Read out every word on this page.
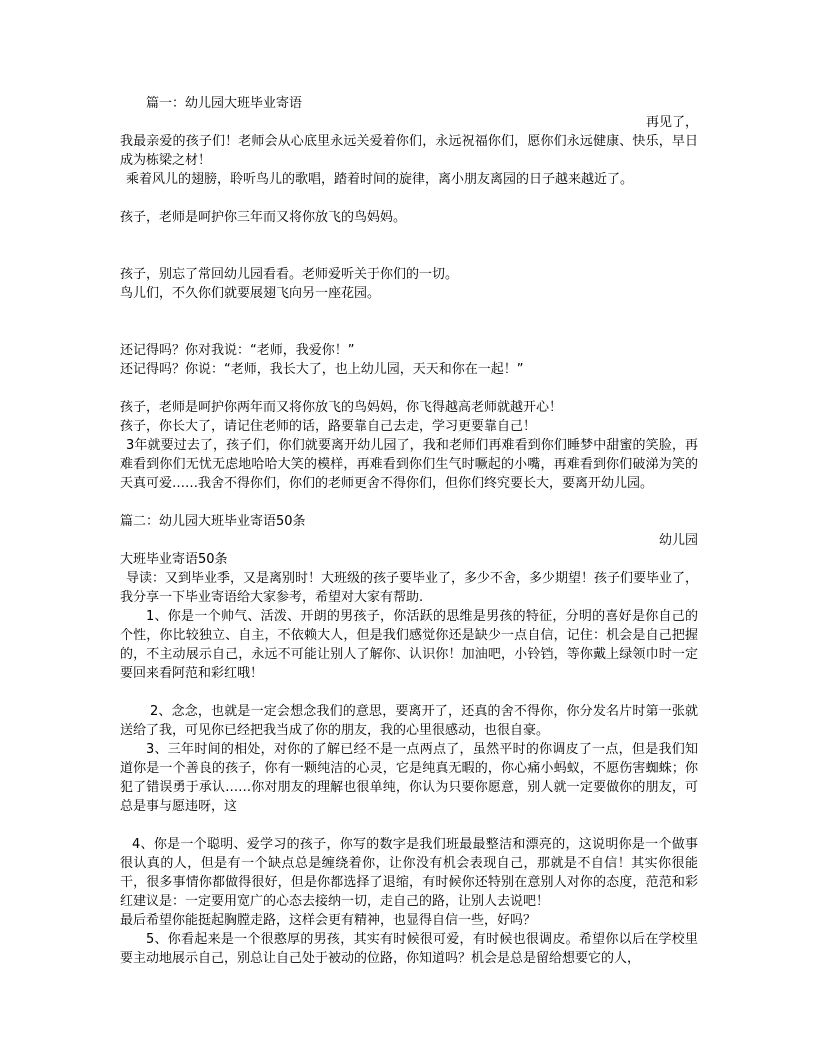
篇一：幼儿园大班毕业寄语
再见了，
我最亲爱的孩子们！老师会从心底里永远关爱着你们，永远祝福你们，愿你们永远健康、快乐，早日成为栋梁之材！
乘着风儿的翅膀，聆听鸟儿的歌唱，踏着时间的旋律，离小朋友离园的日子越来越近了。
孩子，老师是呵护你三年而又将你放飞的鸟妈妈。
孩子，别忘了常回幼儿园看看。老师爱听关于你们的一切。
鸟儿们，不久你们就要展翅飞向另一座花园。
还记得吗？你对我说：“老师，我爱你！”
还记得吗？你说：“老师，我长大了，也上幼儿园，天天和你在一起！”
孩子，老师是呵护你两年而又将你放飞的鸟妈妈，你飞得越高老师就越开心！
孩子，你长大了，请记住老师的话，路要靠自己去走，学习更要靠自己！
3年就要过去了，孩子们，你们就要离开幼儿园了，我和老师们再难看到你们睡梦中甜蜜的笑脸，再难看到你们无忧无虑地哈哈大笑的模样，再难看到你们生气时噘起的小嘴，再难看到你们破涕为笑的天真可爱……我舍不得你们，你们的老师更舍不得你们，但你们终究要长大，要离开幼儿园。
篇二：幼儿园大班毕业寄语50条
幼儿园
大班毕业寄语50条
导读：又到毕业季，又是离别时！大班级的孩子要毕业了，多少不舍，多少期望！孩子们要毕业了，我分享一下毕业寄语给大家参考，希望对大家有帮助.
1、你是一个帅气、活泼、开朗的男孩子，你活跃的思维是男孩的特征，分明的喜好是你自己的个性，你比较独立、自主，不依赖大人，但是我们感觉你还是缺少一点自信，记住：机会是自己把握的，不主动展示自己，永远不可能让别人了解你、认识你！加油吧，小铃铛，等你戴上绿领巾时一定要回来看阿范和彩红哦！
2、念念，也就是一定会想念我们的意思，要离开了，还真的舍不得你，你分发名片时第一张就送给了我，可见你已经把我当成了你的朋友，我的心里很感动，也很自豪。
3、三年时间的相处，对你的了解已经不是一点两点了，虽然平时的你调皮了一点，但是我们知道你是一个善良的孩子，你有一颗纯洁的心灵，它是纯真无暇的，你心痛小蚂蚁，不愿伤害蜘蛛；你犯了错误勇于承认……你对朋友的理解也很单纯，你认为只要你愿意，别人就一定要做你的朋友，可总是事与愿违呀，这
4、你是一个聪明、爱学习的孩子，你写的数字是我们班最最整洁和漂亮的，这说明你是一个做事很认真的人，但是有一个缺点总是缠绕着你，让你没有机会表现自己，那就是不自信！其实你很能干，很多事情你都做得很好，但是你都选择了退缩，有时候你还特别在意别人对你的态度，范范和彩红建议是：一定要用宽广的心态去接纳一切，走自己的路，让别人去说吧！
最后希望你能挺起胸膛走路，这样会更有精神，也显得自信一些，好吗？
5、你看起来是一个很憨厚的男孩，其实有时候很可爱，有时候也很调皮。希望你以后在学校里要主动地展示自己，别总让自己处于被动的位路，你知道吗？机会是总是留给想要它的人，
